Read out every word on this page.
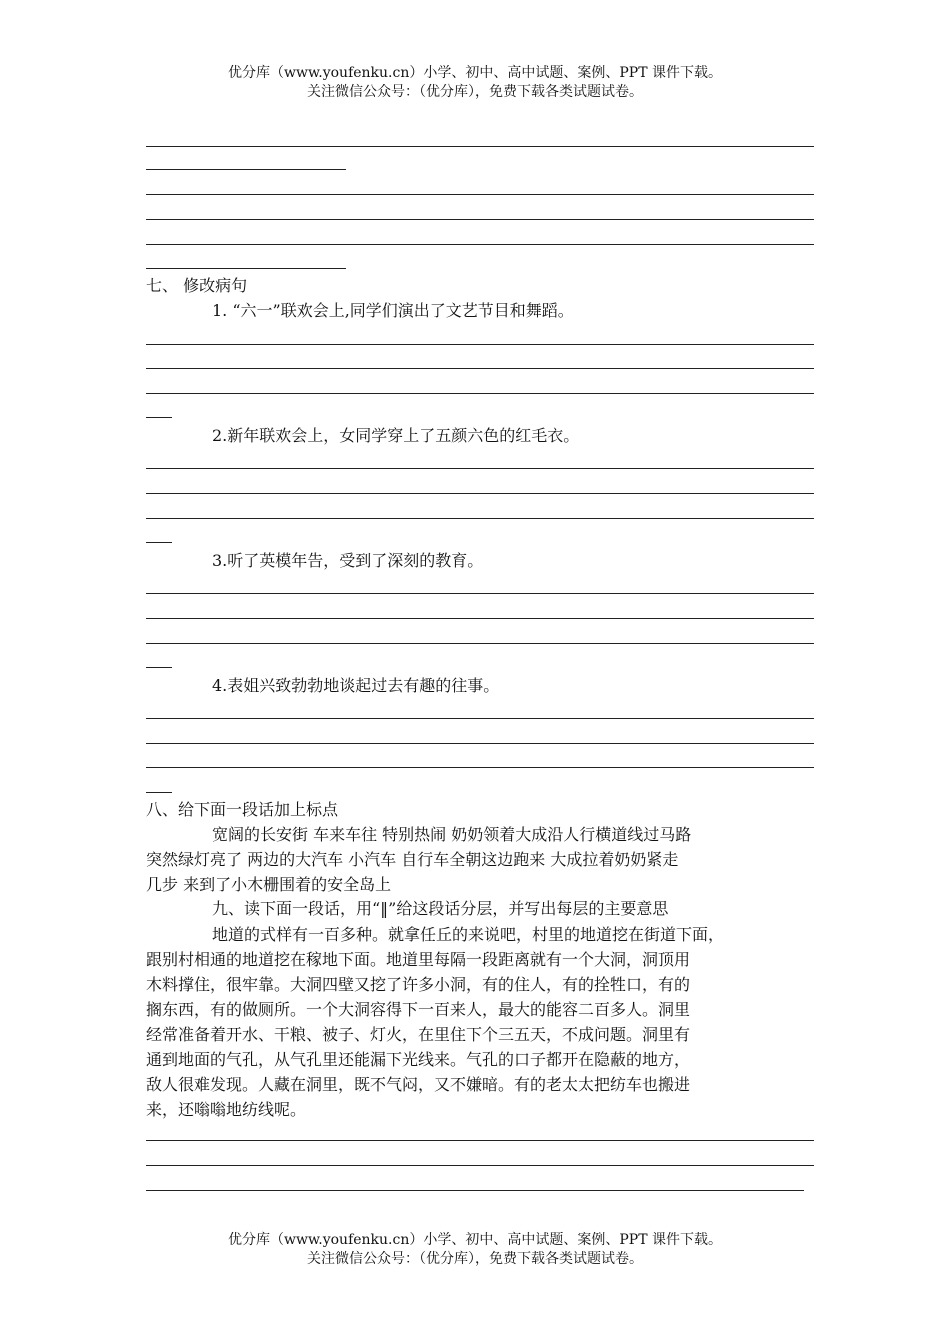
优分库（www.youfenku.cn）小学、初中、高中试题、案例、PPT 课件下载。
关注微信公众号：（优分库），免费下载各类试题试卷。
七、 修改病句
1. “六一”联欢会上,同学们演出了文艺节目和舞蹈。
2.新年联欢会上，女同学穿上了五颜六色的红毛衣。
3.听了英模年告，受到了深刻的教育。
4.表姐兴致勃勃地谈起过去有趣的往事。
八、给下面一段话加上标点
宽阔的长安街 车来车往 特别热闹 奶奶领着大成沿人行横道线过马路
突然绿灯亮了 两边的大汽车 小汽车 自行车全朝这边跑来 大成拉着奶奶紧走
几步 来到了小木栅围着的安全岛上
九、读下面一段话，用“‖”给这段话分层，并写出每层的主要意思
地道的式样有一百多种。就拿任丘的来说吧，村里的地道挖在街道下面，
跟别村相通的地道挖在稼地下面。地道里每隔一段距离就有一个大洞，洞顶用
木料撑住，很牢靠。大洞四壁又挖了许多小洞，有的住人，有的拴牲口，有的
搁东西，有的做厕所。一个大洞容得下一百来人，最大的能容二百多人。洞里
经常准备着开水、干粮、被子、灯火，在里住下个三五天，不成问题。洞里有
通到地面的气孔，从气孔里还能漏下光线来。气孔的口子都开在隐蔽的地方，
敌人很难发现。人藏在洞里，既不气闷，又不嫌暗。有的老太太把纺车也搬进
来，还嗡嗡地纺线呢。
优分库（www.youfenku.cn）小学、初中、高中试题、案例、PPT 课件下载。
关注微信公众号：（优分库），免费下载各类试题试卷。
